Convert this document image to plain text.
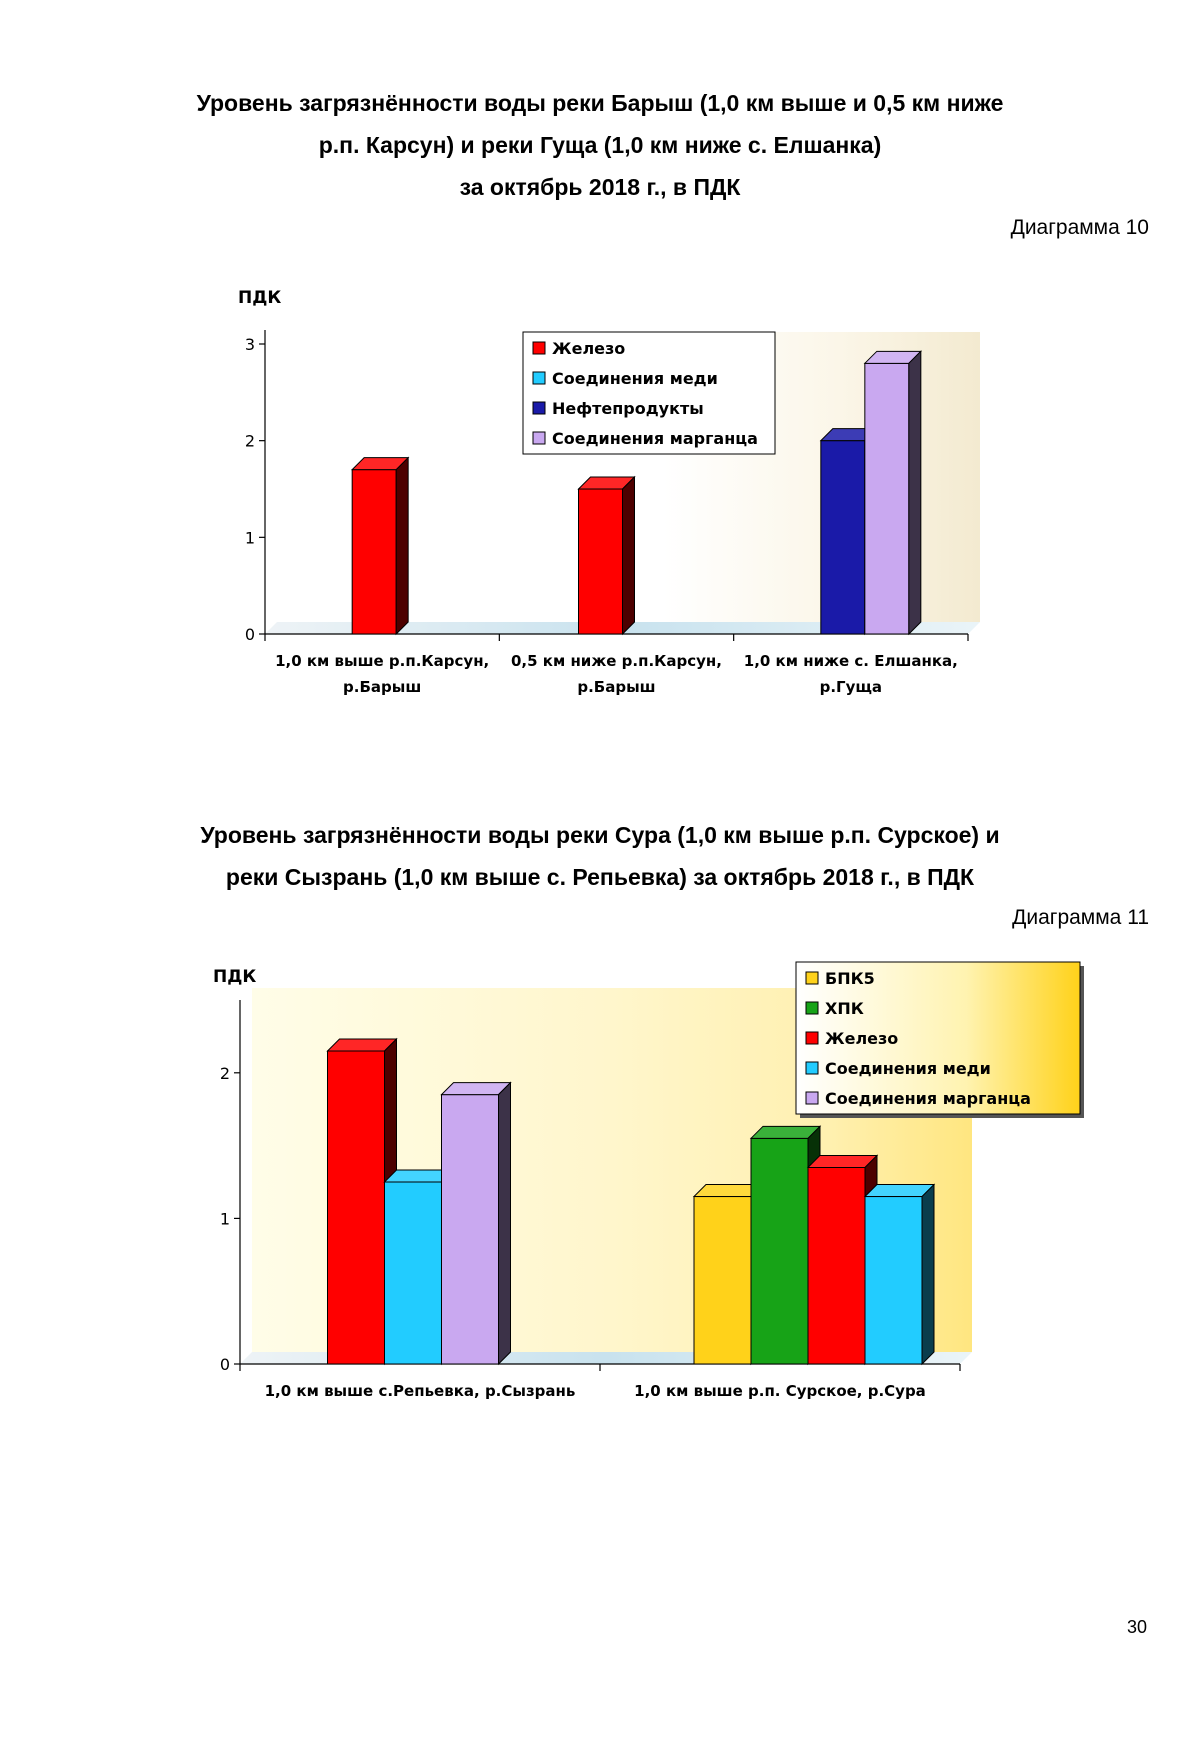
Уровень загрязнённости воды реки Барыш (1,0 км выше и 0,5 км ниже
р.п. Карсун) и реки Гуща (1,0 км ниже с. Елшанка)
за октябрь 2018 г., в ПДК
Диаграмма 10
0
1
2
3
ПДК
1,0 км выше р.п.Карсун,
р.Барыш
0,5 км ниже р.п.Карсун,
р.Барыш
1,0 км ниже с. Елшанка,
р.Гуща
Железо
Соединения меди
Нефтепродукты
Соединения марганца
Уровень загрязнённости воды реки Сура (1,0 км выше р.п. Сурское) и
реки Сызрань (1,0 км выше с. Репьевка) за октябрь 2018 г., в ПДК
Диаграмма 11
0
1
2
ПДК
1,0 км выше с.Репьевка, р.Сызрань	1,0 км выше р.п. Сурское, р.Сура
БПК5
ХПК
Железо
Соединения меди
Соединения марганца
30
